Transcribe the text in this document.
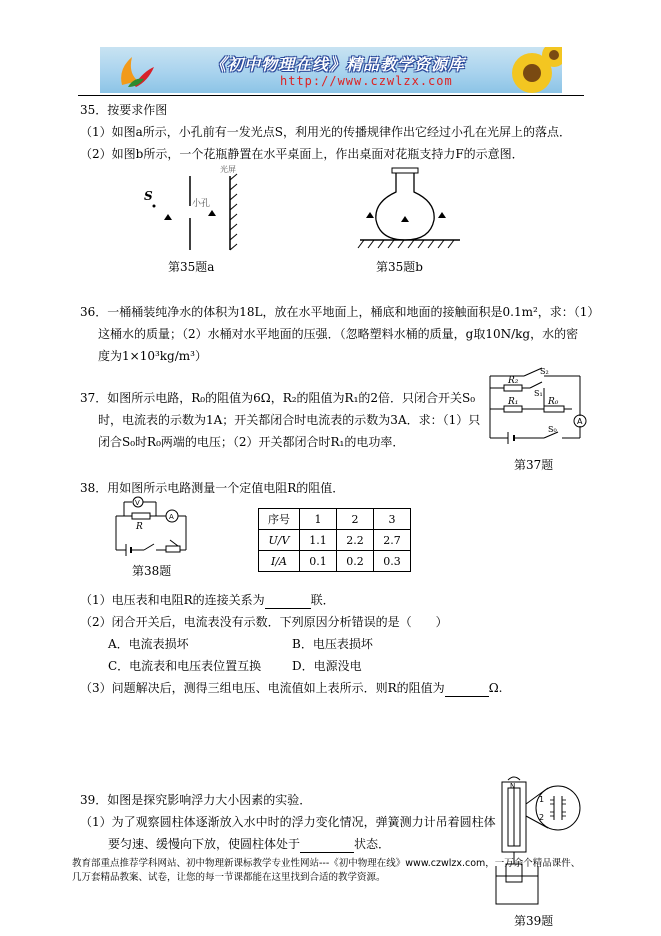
《初中物理在线》精品教学资源库
http://www.czwlzx.com
35．按要求作图
（1）如图a所示，小孔前有一发光点S，利用光的传播规律作出它经过小孔在光屏上的落点．
（2）如图b所示，一个花瓶静置在水平桌面上，作出桌面对花瓶支持力F的示意图．
S
小孔
光屏
第35题a	第35题b
36．一桶桶装纯净水的体积为18L，放在水平地面上，桶底和地面的接触面积是0.1m²，求：（1）
这桶水的质量；（2）水桶对水平地面的压强．（忽略塑料水桶的质量，g取10N/kg，水的密
度为1×10³kg/m³）
37．如图所示电路，R₀的阻值为6Ω，R₂的阻值为R₁的2倍．只闭合开关S₀
时，电流表的示数为1A；开关都闭合时电流表的示数为3A．求：（1）只
闭合S₀时R₀两端的电压；（2）开关都闭合时R₁的电功率．
R₂
R₁	R₀
S₁
S₂
S₀
A
第37题
38．用如图所示电路测量一个定值电阻R的阻值．
V
A
R
第38题
序号	1	2	3
U/V	1.1	2.2	2.7
I/A	0.1	0.2	0.3
（1）电压表和电阻R的连接关系为	联．
（2）闭合开关后，电流表没有示数．下列原因分析错误的是（　　）
A．电流表损坏	B．电压表损坏
C．电流表和电压表位置互换	D．电源没电
（3）问题解决后，测得三组电压、电流值如上表所示．则R的阻值为	Ω.
39．如图是探究影响浮力大小因素的实验．
（1）为了观察圆柱体逐渐放入水中时的浮力变化情况，弹簧测力计吊着圆柱体
要匀速、缓慢向下放，使圆柱体处于	状态．
N
1
2
第39题
教育部重点推荐学科网站、初中物理新课标教学专业性网站---《初中物理在线》www.czwlzx.com，一万余个精品课件、
几万套精品教案、试卷，让您的每一节课都能在这里找到合适的教学资源。
